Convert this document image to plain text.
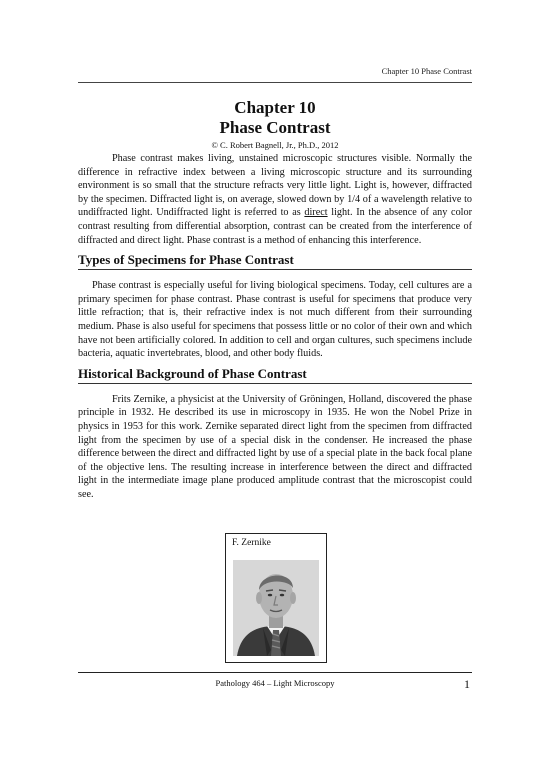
Chapter 10 Phase Contrast
Chapter 10
Phase Contrast
© C. Robert Bagnell, Jr., Ph.D., 2012

Phase contrast makes living, unstained microscopic structures visible. Normally the difference in refractive index between a living microscopic structure and its surrounding environment is so small that the structure refracts very little light. Light is, however, diffracted by the specimen. Diffracted light is, on average, slowed down by 1/4 of a wavelength relative to undiffracted light. Undiffracted light is referred to as direct light. In the absence of any color contrast resulting from differential absorption, contrast can be created from the interference of diffracted and direct light. Phase contrast is a method of enhancing this interference.

Types of Specimens for Phase Contrast

Phase contrast is especially useful for living biological specimens. Today, cell cultures are a primary specimen for phase contrast. Phase contrast is useful for specimens that produce very little refraction; that is, their refractive index is not much different from their surrounding medium. Phase is also useful for specimens that possess little or no color of their own and which have not been artificially colored. In addition to cell and organ cultures, such specimens include bacteria, aquatic invertebrates, blood, and other body fluids.

Historical Background of Phase Contrast

Frits Zernike, a physicist at the University of Gröningen, Holland, discovered the phase principle in 1932. He described its use in microscopy in 1935. He won the Nobel Prize in physics in 1953 for this work. Zernike separated direct light from the specimen from diffracted light from the specimen by use of a special disk in the condenser. He increased the phase difference between the direct and diffracted light by use of a special plate in the back focal plane of the objective lens. The resulting increase in interference between the direct and diffracted light in the intermediate image plane produced amplitude contrast that the microscopist could see.

F. Zernike
Pathology 464 – Light Microscopy	1
